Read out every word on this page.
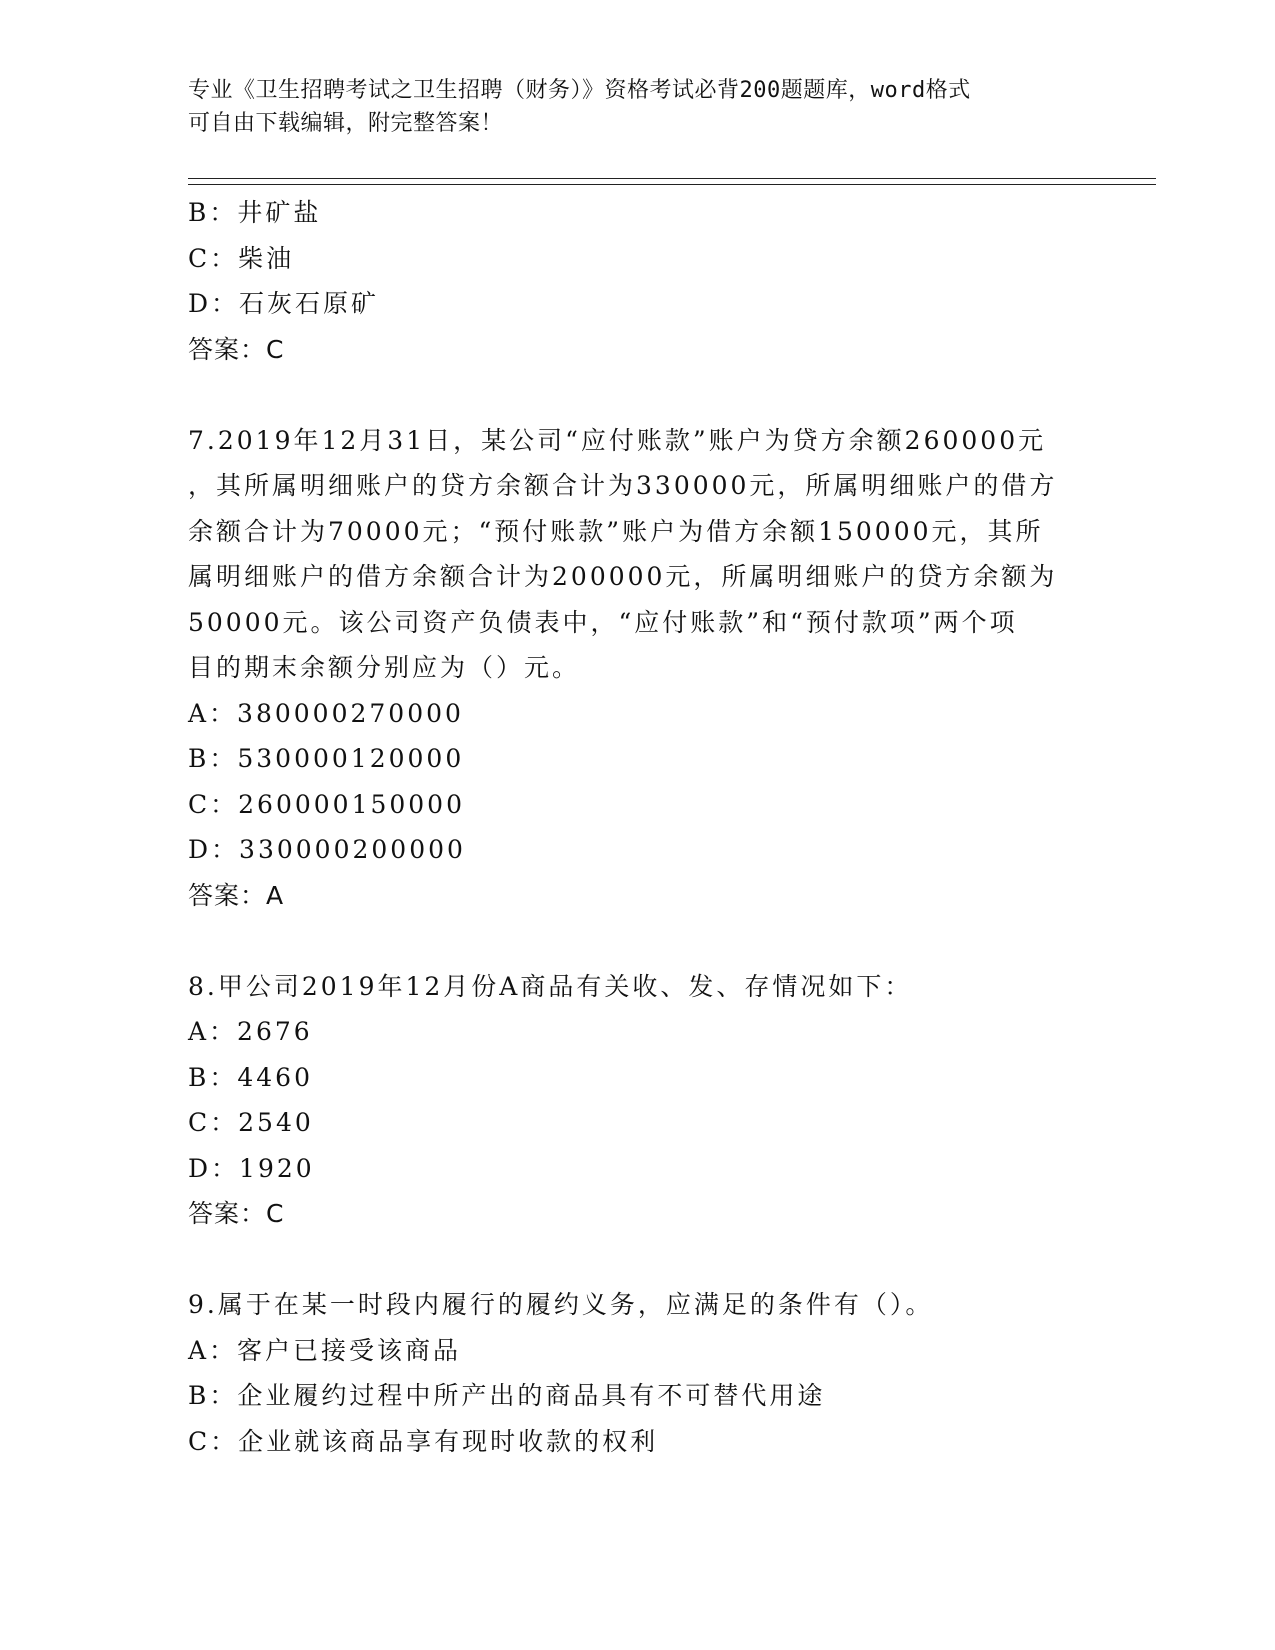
专业《卫生招聘考试之卫生招聘（财务）》资格考试必背200题题库，word格式
可自由下载编辑，附完整答案！
B：井矿盐
C：柴油
D：石灰石原矿
答案：C
7.2019年12月31日，某公司“应付账款”账户为贷方余额260000元
，其所属明细账户的贷方余额合计为330000元，所属明细账户的借方
余额合计为70000元；“预付账款”账户为借方余额150000元，其所
属明细账户的借方余额合计为200000元，所属明细账户的贷方余额为
50000元。该公司资产负债表中，“应付账款”和“预付款项”两个项
目的期末余额分别应为（）元。
A：380000270000
B：530000120000
C：260000150000
D：330000200000
答案：A
8.甲公司2019年12月份A商品有关收、发、存情况如下：
A：2676
B：4460
C：2540
D：1920
答案：C
9.属于在某一时段内履行的履约义务，应满足的条件有（）。
A：客户已接受该商品
B：企业履约过程中所产出的商品具有不可替代用途
C：企业就该商品享有现时收款的权利
